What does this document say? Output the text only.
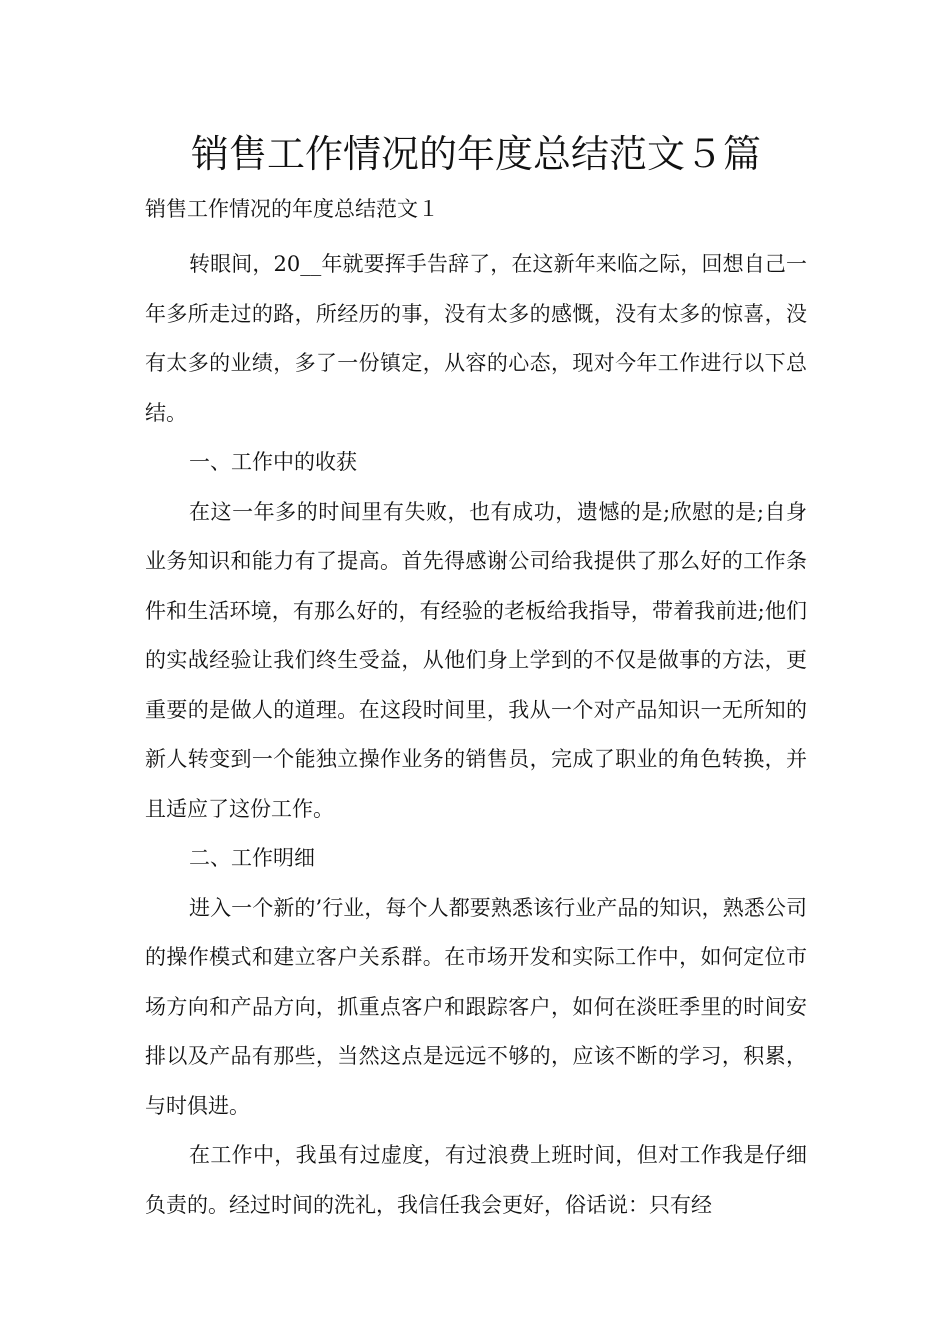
销售工作情况的年度总结范文５篇
销售工作情况的年度总结范文１

转眼间，20__年就要挥手告辞了，在这新年来临之际，回想自己一年多所走过的路，所经历的事，没有太多的感慨，没有太多的惊喜，没有太多的业绩，多了一份镇定，从容的心态，现对今年工作进行以下总结。

一、工作中的收获

在这一年多的时间里有失败，也有成功，遗憾的是;欣慰的是;自身业务知识和能力有了提高。首先得感谢公司给我提供了那么好的工作条件和生活环境，有那么好的，有经验的老板给我指导，带着我前进;他们的实战经验让我们终生受益，从他们身上学到的不仅是做事的方法，更重要的是做人的道理。在这段时间里，我从一个对产品知识一无所知的新人转变到一个能独立操作业务的销售员，完成了职业的角色转换，并且适应了这份工作。

二、工作明细

进入一个新的’行业，每个人都要熟悉该行业产品的知识，熟悉公司的操作模式和建立客户关系群。在市场开发和实际工作中，如何定位市场方向和产品方向，抓重点客户和跟踪客户，如何在淡旺季里的时间安排以及产品有那些，当然这点是远远不够的，应该不断的学习，积累，与时俱进。

在工作中，我虽有过虚度，有过浪费上班时间，但对工作我是仔细负责的。经过时间的洗礼，我信任我会更好，俗话说：只有经
